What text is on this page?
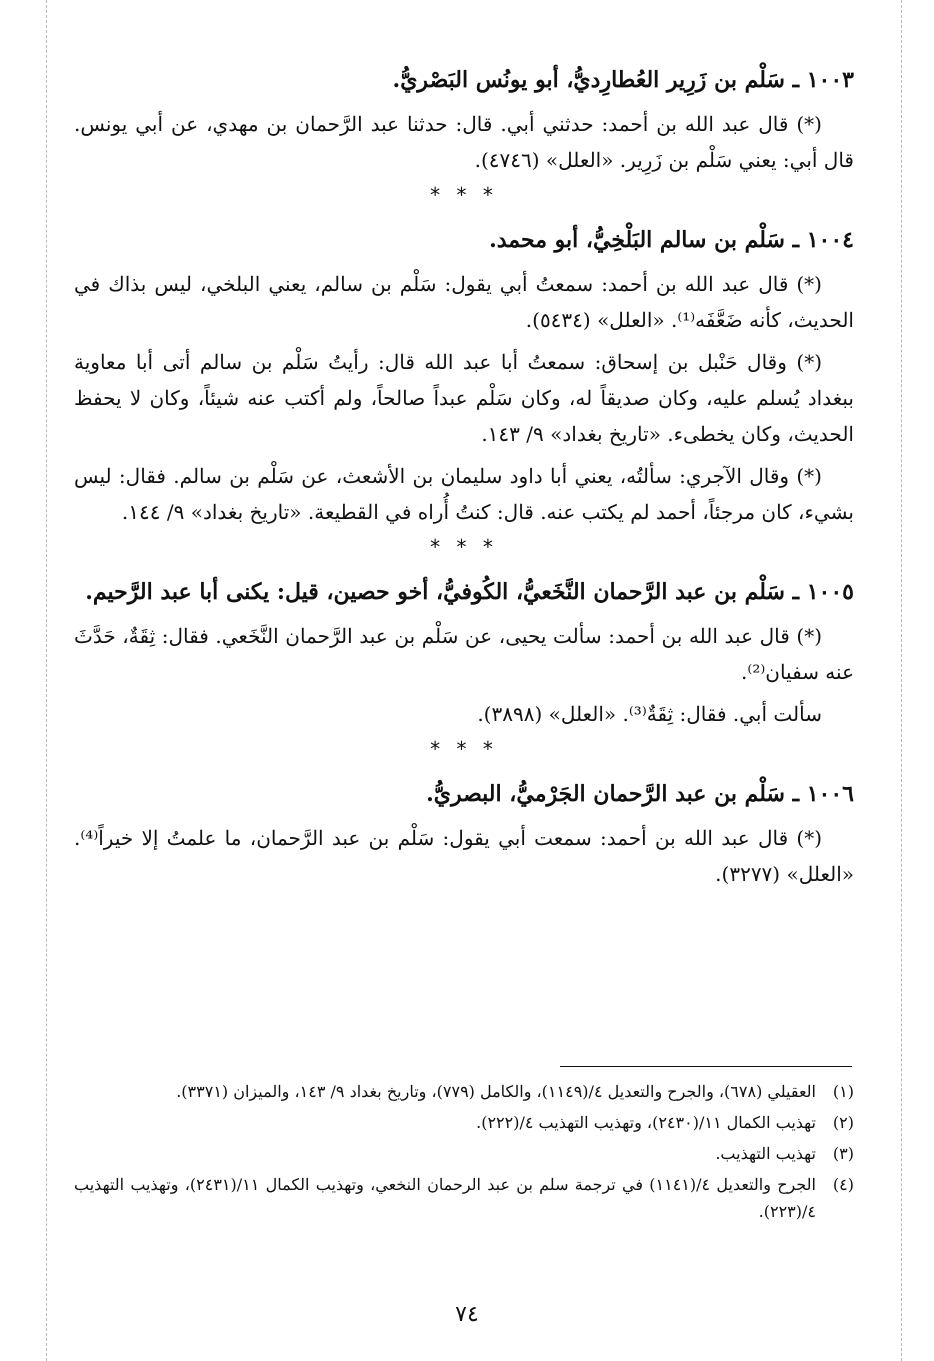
١٠٠٣ ـ سَلْم بن زَرِير العُطارِديُّ، أبو يونُس البَصْريُّ.

(*) قال عبد الله بن أحمد: حدثني أبي. قال: حدثنا عبد الرَّحمان بن مهدي، عن أبي يونس. قال أبي: يعني سَلْم بن زَرِير. «العلل» (٤٧٤٦).

* * *
١٠٠٤ ـ سَلْم بن سالم البَلْخِيُّ، أبو محمد.

(*) قال عبد الله بن أحمد: سمعتُ أبي يقول: سَلْم بن سالم، يعني البلخي، ليس بذاك في الحديث، كأنه ضَعَّفَه⁽¹⁾. «العلل» (٥٤٣٤).

(*) وقال حَنْبل بن إسحاق: سمعتُ أبا عبد الله قال: رأيتُ سَلْم بن سالم أتى أبا معاوية ببغداد يُسلم عليه، وكان صديقاً له، وكان سَلْم عبداً صالحاً، ولم أكتب عنه شيئاً، وكان لا يحفظ الحديث، وكان يخطىء. «تاريخ بغداد» ٩/ ١٤٣.

(*) وقال الآجري: سألتُه، يعني أبا داود سليمان بن الأشعث، عن سَلْم بن سالم. فقال: ليس بشيء، كان مرجئاً، أحمد لم يكتب عنه. قال: كنتُ أُراه في القطيعة. «تاريخ بغداد» ٩/ ١٤٤.

* * *
١٠٠٥ ـ سَلْم بن عبد الرَّحمان النَّخَعيُّ، الكُوفيُّ، أخو حصين، قيل: يكنى أبا عبد الرَّحيم.

(*) قال عبد الله بن أحمد: سألت يحيى، عن سَلْم بن عبد الرَّحمان النَّخَعي. فقال: ثِقَةٌ، حَدَّثَ عنه سفيان⁽²⁾.

سألت أبي. فقال: ثِقَةٌ⁽³⁾. «العلل» (٣٨٩٨).

* * *
١٠٠٦ ـ سَلْم بن عبد الرَّحمان الجَرْميُّ، البصريُّ.

(*) قال عبد الله بن أحمد: سمعت أبي يقول: سَلْم بن عبد الرَّحمان، ما علمتُ إلا خيراً⁽⁴⁾. «العلل» (٣٢٧٧).

(١)
العقيلي (٦٧٨)، والجرح والتعديل ٤/(١١٤٩)، والكامل (٧٧٩)، وتاريخ بغداد ٩/ ١٤٣، والميزان (٣٣٧١).
(٢)
تهذيب الكمال ١١/(٢٤٣٠)، وتهذيب التهذيب ٤/(٢٢٢).
(٣)
تهذيب التهذيب.
(٤)
الجرح والتعديل ٤/(١١٤١) في ترجمة سلم بن عبد الرحمان النخعي، وتهذيب الكمال ١١/(٢٤٣١)، وتهذيب التهذيب ٤/(٢٢٣).
٧٤
